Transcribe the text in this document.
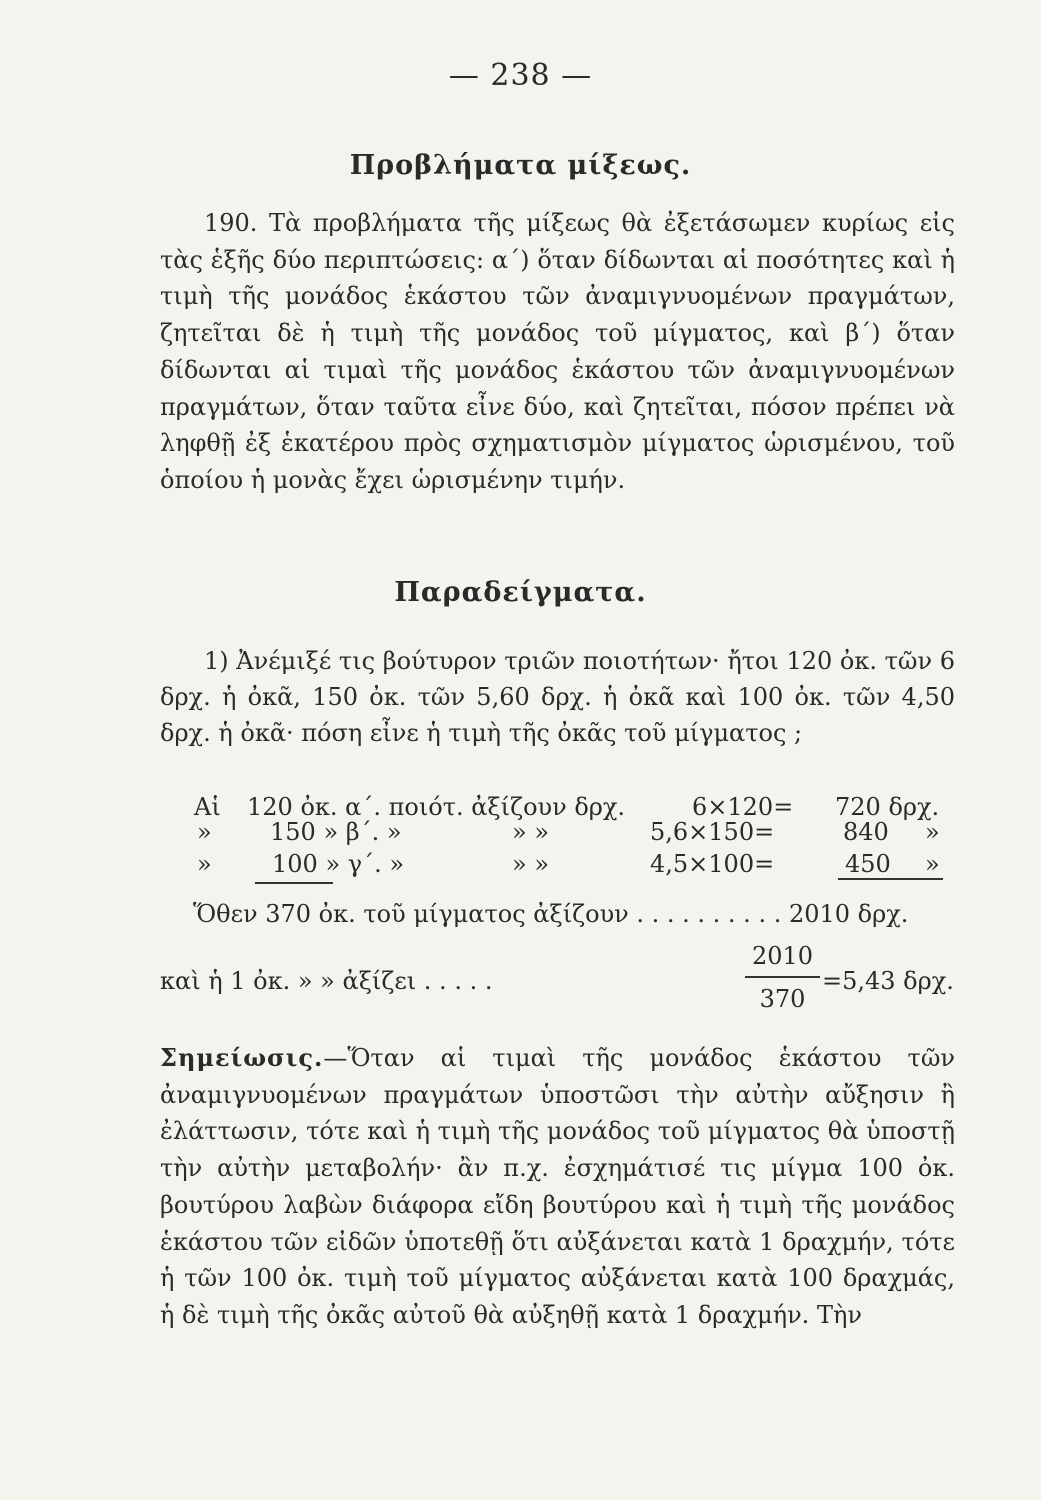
— 238 —
Προβλήματα μίξεως.

190. Τὰ προβλήματα τῆς μίξεως θὰ ἐξετάσωμεν κυρίως εἰς τὰς ἑξῆς δύο περιπτώσεις: α΄) ὅταν δίδωνται αἱ ποσότητες καὶ ἡ τιμὴ τῆς μονάδος ἑκάστου τῶν ἀναμιγνυομένων πραγμάτων, ζητεῖται δὲ ἡ τιμὴ τῆς μονάδος τοῦ μίγματος, καὶ β΄) ὅταν δίδωνται αἱ τιμαὶ τῆς μονάδος ἑκάστου τῶν ἀναμιγνυομένων πραγμάτων, ὅταν ταῦτα εἶνε δύο, καὶ ζητεῖται, πόσον πρέπει νὰ ληφθῇ ἐξ ἑκατέρου πρὸς σχηματισμὸν μίγματος ὡρισμένου, τοῦ ὁποίου ἡ μονὰς ἔχει ὡρισμένην τιμήν.

Παραδείγματα.

1) Ἀνέμιξέ τις βούτυρον τριῶν ποιοτήτων· ἤτοι 120 ὀκ. τῶν 6 δρχ. ἡ ὀκᾶ, 150 ὀκ. τῶν 5,60 δρχ. ἡ ὀκᾶ καὶ 100 ὀκ. τῶν 4,50 δρχ. ἡ ὀκᾶ· πόση εἶνε ἡ τιμὴ τῆς ὀκᾶς τοῦ μίγματος ;

Αἱ 120 ὀκ. α΄. ποιότ. ἀξίζουν δρχ.	6×120= 720 δρχ.
» 150 » β΄. »	» »	5,6×150=	840 »
»	100 » γ΄. »	» »	4,5×100=	450 »
Ὅθεν 370 ὀκ. τοῦ μίγματος ἀξίζουν . . . . . . . . . . 2010 δρχ.
καὶ ἡ 1 ὀκ. » » ἀξίζει . . . . .
2010
370
=5,43 δρχ.

Σημείωσις.—Ὅταν αἱ τιμαὶ τῆς μονάδος ἑκάστου τῶν ἀναμιγνυομένων πραγμάτων ὑποστῶσι τὴν αὐτὴν αὔξησιν ἢ ἐλάττωσιν, τότε καὶ ἡ τιμὴ τῆς μονάδος τοῦ μίγματος θὰ ὑποστῇ τὴν αὐτὴν μεταβολήν· ἂν π.χ. ἐσχημάτισέ τις μίγμα 100 ὀκ. βουτύρου λαβὼν διάφορα εἴδη βουτύρου καὶ ἡ τιμὴ τῆς μονάδος ἑκάστου τῶν εἰδῶν ὑποτεθῇ ὅτι αὐξάνεται κατὰ 1 δραχμήν, τότε ἡ τῶν 100 ὀκ. τιμὴ τοῦ μίγματος αὐξάνεται κατὰ 100 δραχμάς, ἡ δὲ τιμὴ τῆς ὀκᾶς αὐτοῦ θὰ αὐξηθῇ κατὰ 1 δραχμήν. Τὴν
